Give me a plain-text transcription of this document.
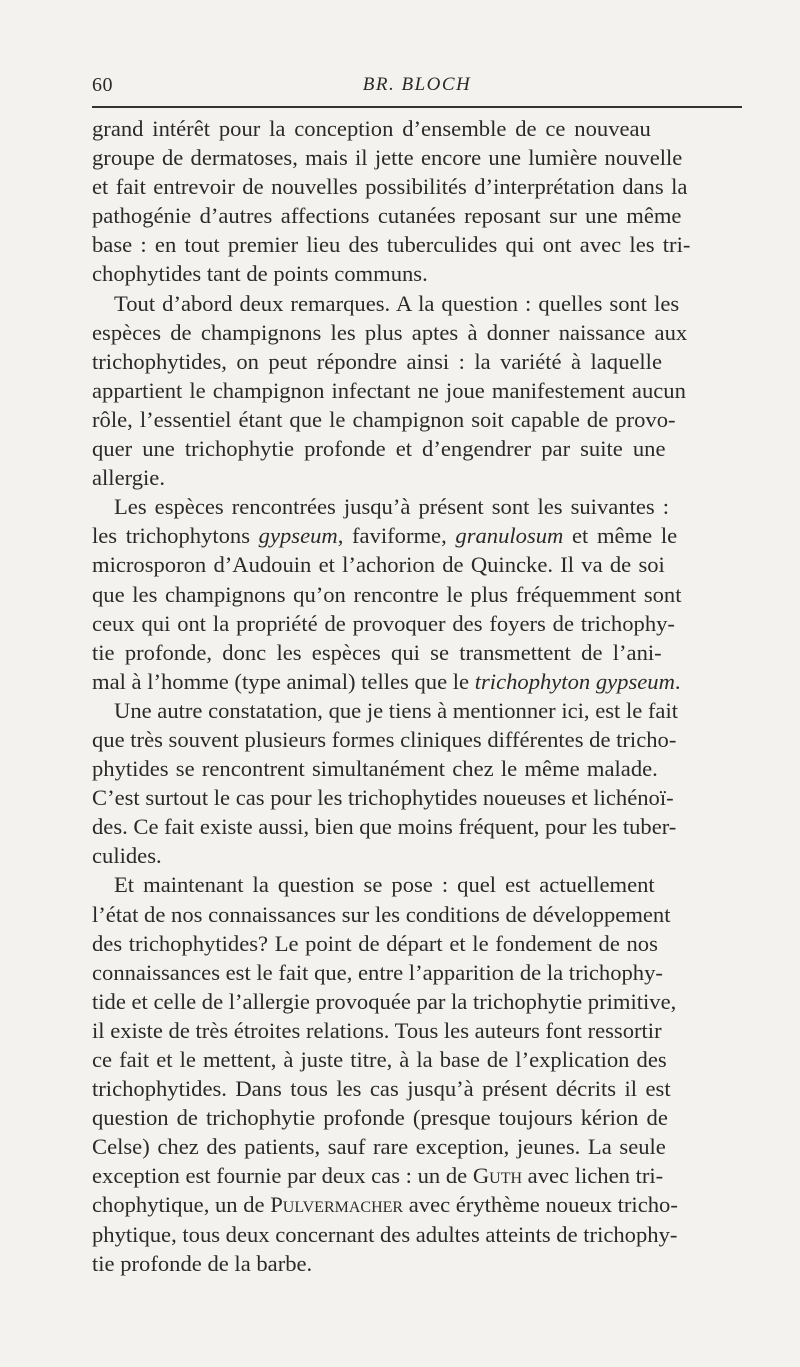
60	BR. BLOCH
grand intérêt pour la conception d’ensemble de ce nouveau
groupe de dermatoses, mais il jette encore une lumière nouvelle
et fait entrevoir de nouvelles possibilités d’interprétation dans la
pathogénie d’autres affections cutanées reposant sur une même
base : en tout premier lieu des tuberculides qui ont avec les tri-
chophytides tant de points communs.
Tout d’abord deux remarques. A la question : quelles sont les
espèces de champignons les plus aptes à donner naissance aux
trichophytides, on peut répondre ainsi : la variété à laquelle
appartient le champignon infectant ne joue manifestement aucun
rôle, l’essentiel étant que le champignon soit capable de provo-
quer une trichophytie profonde et d’engendrer par suite une
allergie.
Les espèces rencontrées jusqu’à présent sont les suivantes :
les trichophytons gypseum, faviforme, granulosum et même le
microsporon d’Audouin et l’achorion de Quincke. Il va de soi
que les champignons qu’on rencontre le plus fréquemment sont
ceux qui ont la propriété de provoquer des foyers de trichophy-
tie profonde, donc les espèces qui se transmettent de l’ani-
mal à l’homme (type animal) telles que le trichophyton gypseum.
Une autre constatation, que je tiens à mentionner ici, est le fait
que très souvent plusieurs formes cliniques différentes de tricho-
phytides se rencontrent simultanément chez le même malade.
C’est surtout le cas pour les trichophytides noueuses et lichénoï-
des. Ce fait existe aussi, bien que moins fréquent, pour les tuber-
culides.
Et maintenant la question se pose : quel est actuellement
l’état de nos connaissances sur les conditions de développement
des trichophytides? Le point de départ et le fondement de nos
connaissances est le fait que, entre l’apparition de la trichophy-
tide et celle de l’allergie provoquée par la trichophytie primitive,
il existe de très étroites relations. Tous les auteurs font ressortir
ce fait et le mettent, à juste titre, à la base de l’explication des
trichophytides. Dans tous les cas jusqu’à présent décrits il est
question de trichophytie profonde (presque toujours kérion de
Celse) chez des patients, sauf rare exception, jeunes. La seule
exception est fournie par deux cas : un de Guth avec lichen tri-
chophytique, un de Pulvermacher avec érythème noueux tricho-
phytique, tous deux concernant des adultes atteints de trichophy-
tie profonde de la barbe.
